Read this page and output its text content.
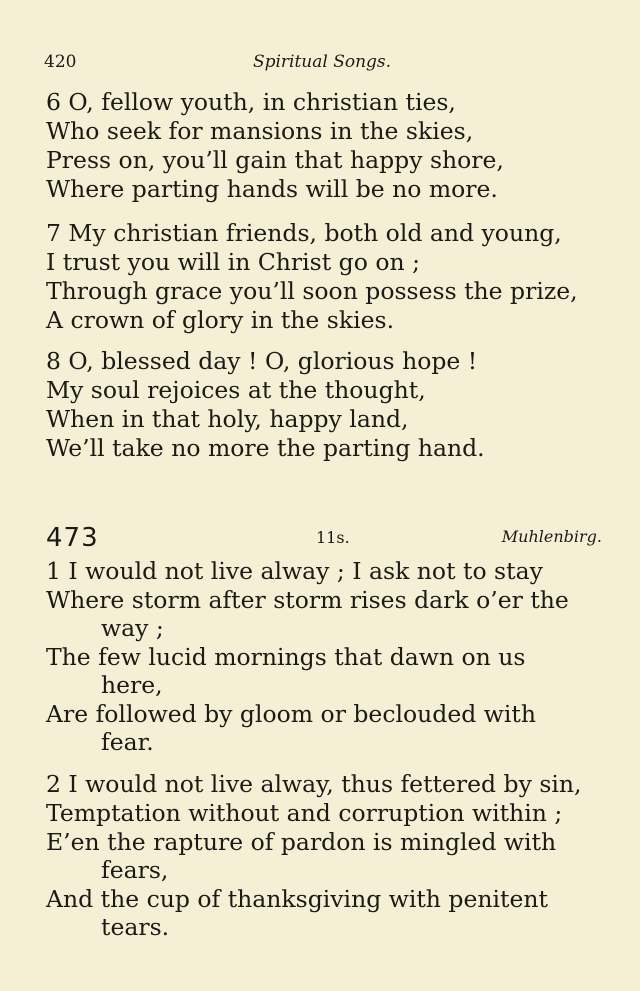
420	Spiritual Songs.
6 O, fellow youth, in christian ties,
Who seek for mansions in the skies,
Press on, you’ll gain that happy shore,
Where parting hands will be no more.
7 My christian friends, both old and young,
I trust you will in Christ go on ;
Through grace you’ll soon possess the prize,
A crown of glory in the skies.
8 O, blessed day ! O, glorious hope !
My soul rejoices at the thought,
When in that holy, happy land,
We’ll take no more the parting hand.
473	11s.	Muhlenbirg.
1 I would not live alway ; I ask not to stay
Where storm after storm rises dark o’er the
way ;
The few lucid mornings that dawn on us
here,
Are followed by gloom or beclouded with
fear.
2 I would not live alway, thus fettered by sin,
Temptation without and corruption within ;
E’en the rapture of pardon is mingled with
fears,
And the cup of thanksgiving with penitent
tears.
